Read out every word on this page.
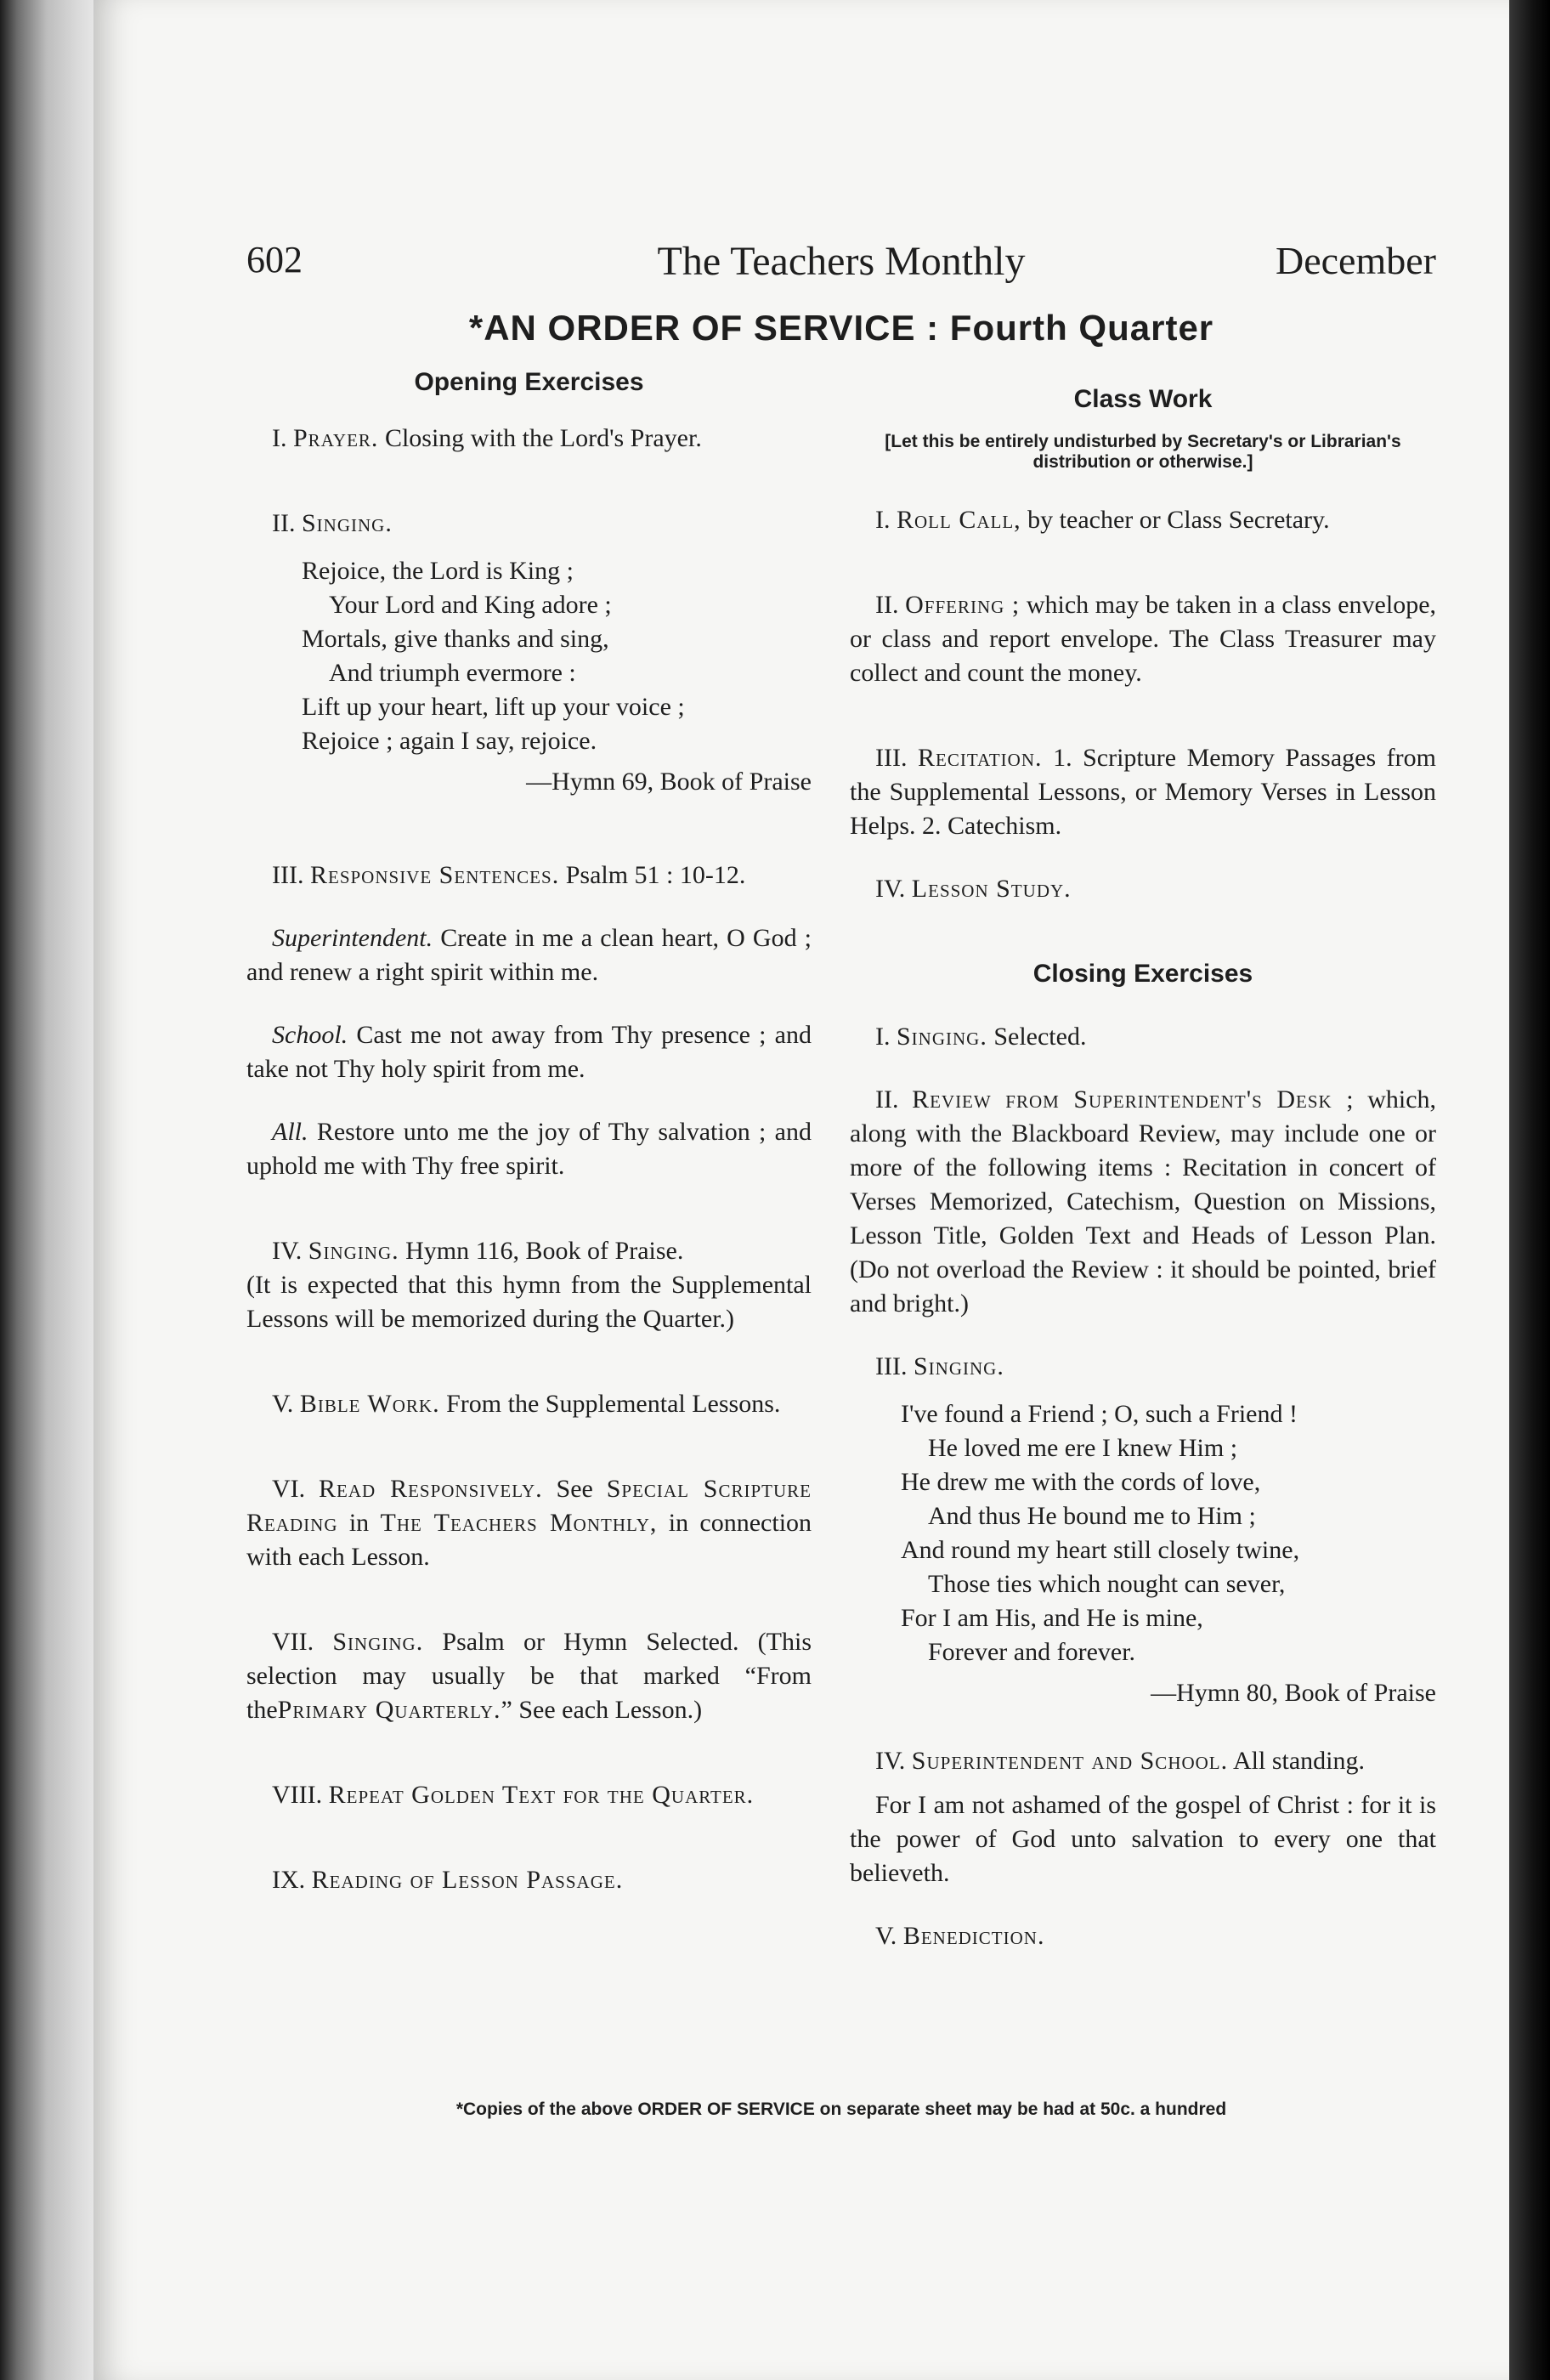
602	The Teachers Monthly	December
*AN ORDER OF SERVICE : Fourth Quarter
Opening Exercises

I. Prayer. Closing with the Lord's Prayer.

II. Singing.

Rejoice, the Lord is King ;
Your Lord and King adore ;
Mortals, give thanks and sing,
And triumph evermore :
Lift up your heart, lift up your voice ;
Rejoice ; again I say, rejoice.
—Hymn 69, Book of Praise

III. Responsive Sentences. Psalm 51 : 10-12.

Superintendent. Create in me a clean heart, O God ; and renew a right spirit within me.

School. Cast me not away from Thy presence ; and take not Thy holy spirit from me.

All. Restore unto me the joy of Thy salvation ; and uphold me with Thy free spirit.

IV. Singing. Hymn 116, Book of Praise.

(It is expected that this hymn from the Supplemental Lessons will be memorized during the Quarter.)

V. Bible Work. From the Supplemental Lessons.

VI. Read Responsively. See Special Scripture Reading in The Teachers Monthly, in connection with each Lesson.

VII. Singing. Psalm or Hymn Selected. (This selection may usually be that marked “From thePrimary Quarterly.” See each Lesson.)

VIII. Repeat Golden Text for the Quarter.

IX. Reading of Lesson Passage.

Class Work
[Let this be entirely undisturbed by Secretary's or Librarian's distribution or otherwise.]

I. Roll Call, by teacher or Class Secretary.

II. Offering ; which may be taken in a class envelope, or class and report envelope. The Class Treasurer may collect and count the money.

III. Recitation. 1. Scripture Memory Passages from the Supplemental Lessons, or Memory Verses in Lesson Helps. 2. Catechism.

IV. Lesson Study.

Closing Exercises

I. Singing. Selected.

II. Review from Superintendent's Desk ; which, along with the Blackboard Review, may include one or more of the following items : Recitation in concert of Verses Memorized, Catechism, Question on Missions, Lesson Title, Golden Text and Heads of Lesson Plan. (Do not overload the Review : it should be pointed, brief and bright.)

III. Singing.

I've found a Friend ; O, such a Friend !
He loved me ere I knew Him ;
He drew me with the cords of love,
And thus He bound me to Him ;
And round my heart still closely twine,
Those ties which nought can sever,
For I am His, and He is mine,
Forever and forever.
—Hymn 80, Book of Praise

IV. Superintendent and School. All standing.

For I am not ashamed of the gospel of Christ : for it is the power of God unto salvation to every one that believeth.

V. Benediction.

*Copies of the above ORDER OF SERVICE on separate sheet may be had at 50c. a hundred
